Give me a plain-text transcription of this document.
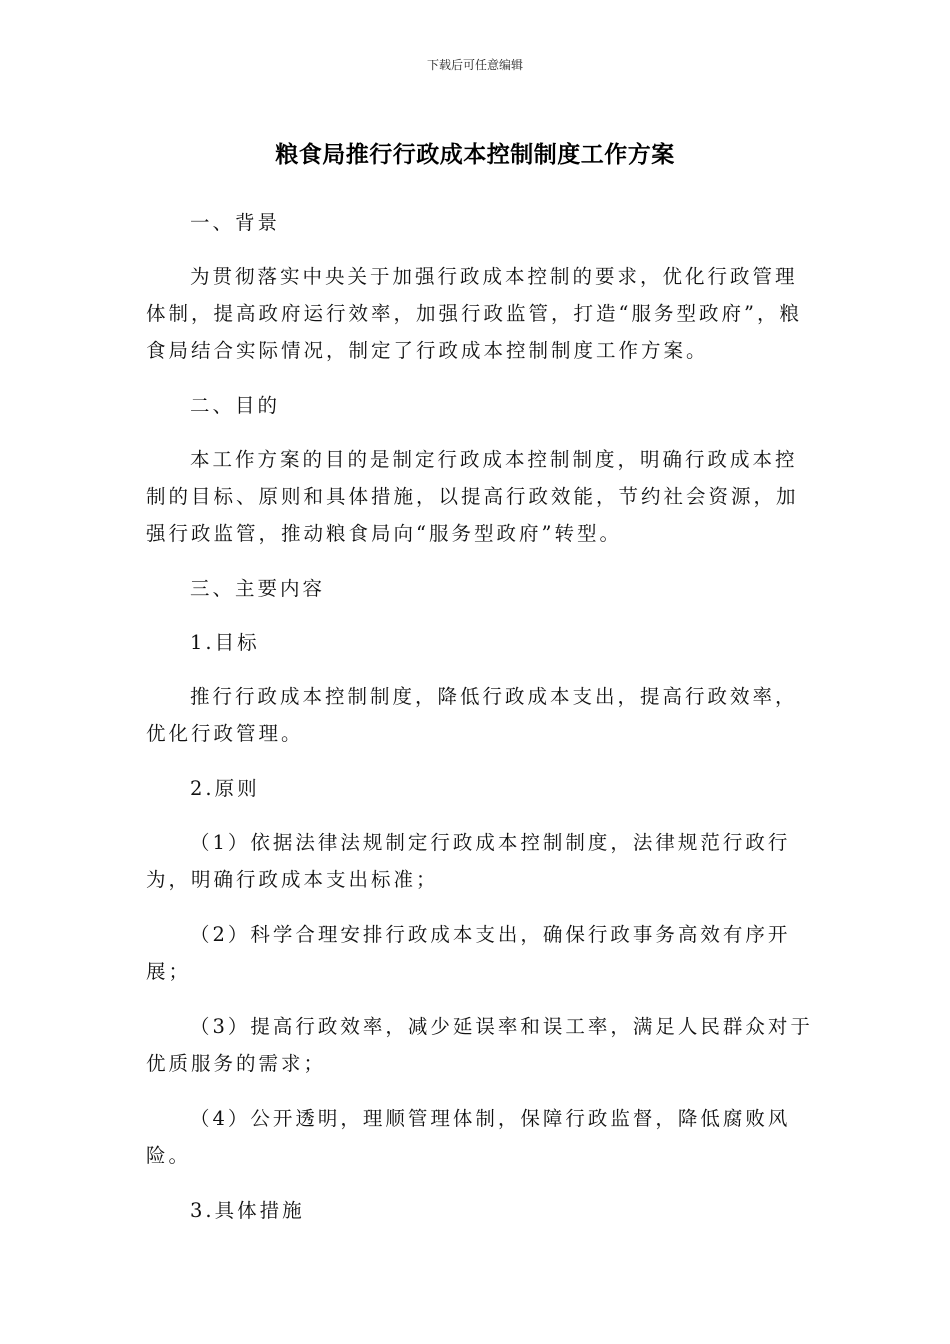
下载后可任意编辑
粮食局推行行政成本控制制度工作方案

一、背景

为贯彻落实中央关于加强行政成本控制的要求，优化行政管理体制，提高政府运行效率，加强行政监管，打造“服务型政府”，粮食局结合实际情况，制定了行政成本控制制度工作方案。

二、目的

本工作方案的目的是制定行政成本控制制度，明确行政成本控制的目标、原则和具体措施，以提高行政效能，节约社会资源，加强行政监管，推动粮食局向“服务型政府”转型。

三、主要内容

1.目标

推行行政成本控制制度，降低行政成本支出，提高行政效率，优化行政管理。

2.原则

（1）依据法律法规制定行政成本控制制度，法律规范行政行为，明确行政成本支出标准；

（2）科学合理安排行政成本支出，确保行政事务高效有序开展；

（3）提高行政效率，减少延误率和误工率，满足人民群众对于优质服务的需求；

（4）公开透明，理顺管理体制，保障行政监督，降低腐败风险。

3.具体措施
